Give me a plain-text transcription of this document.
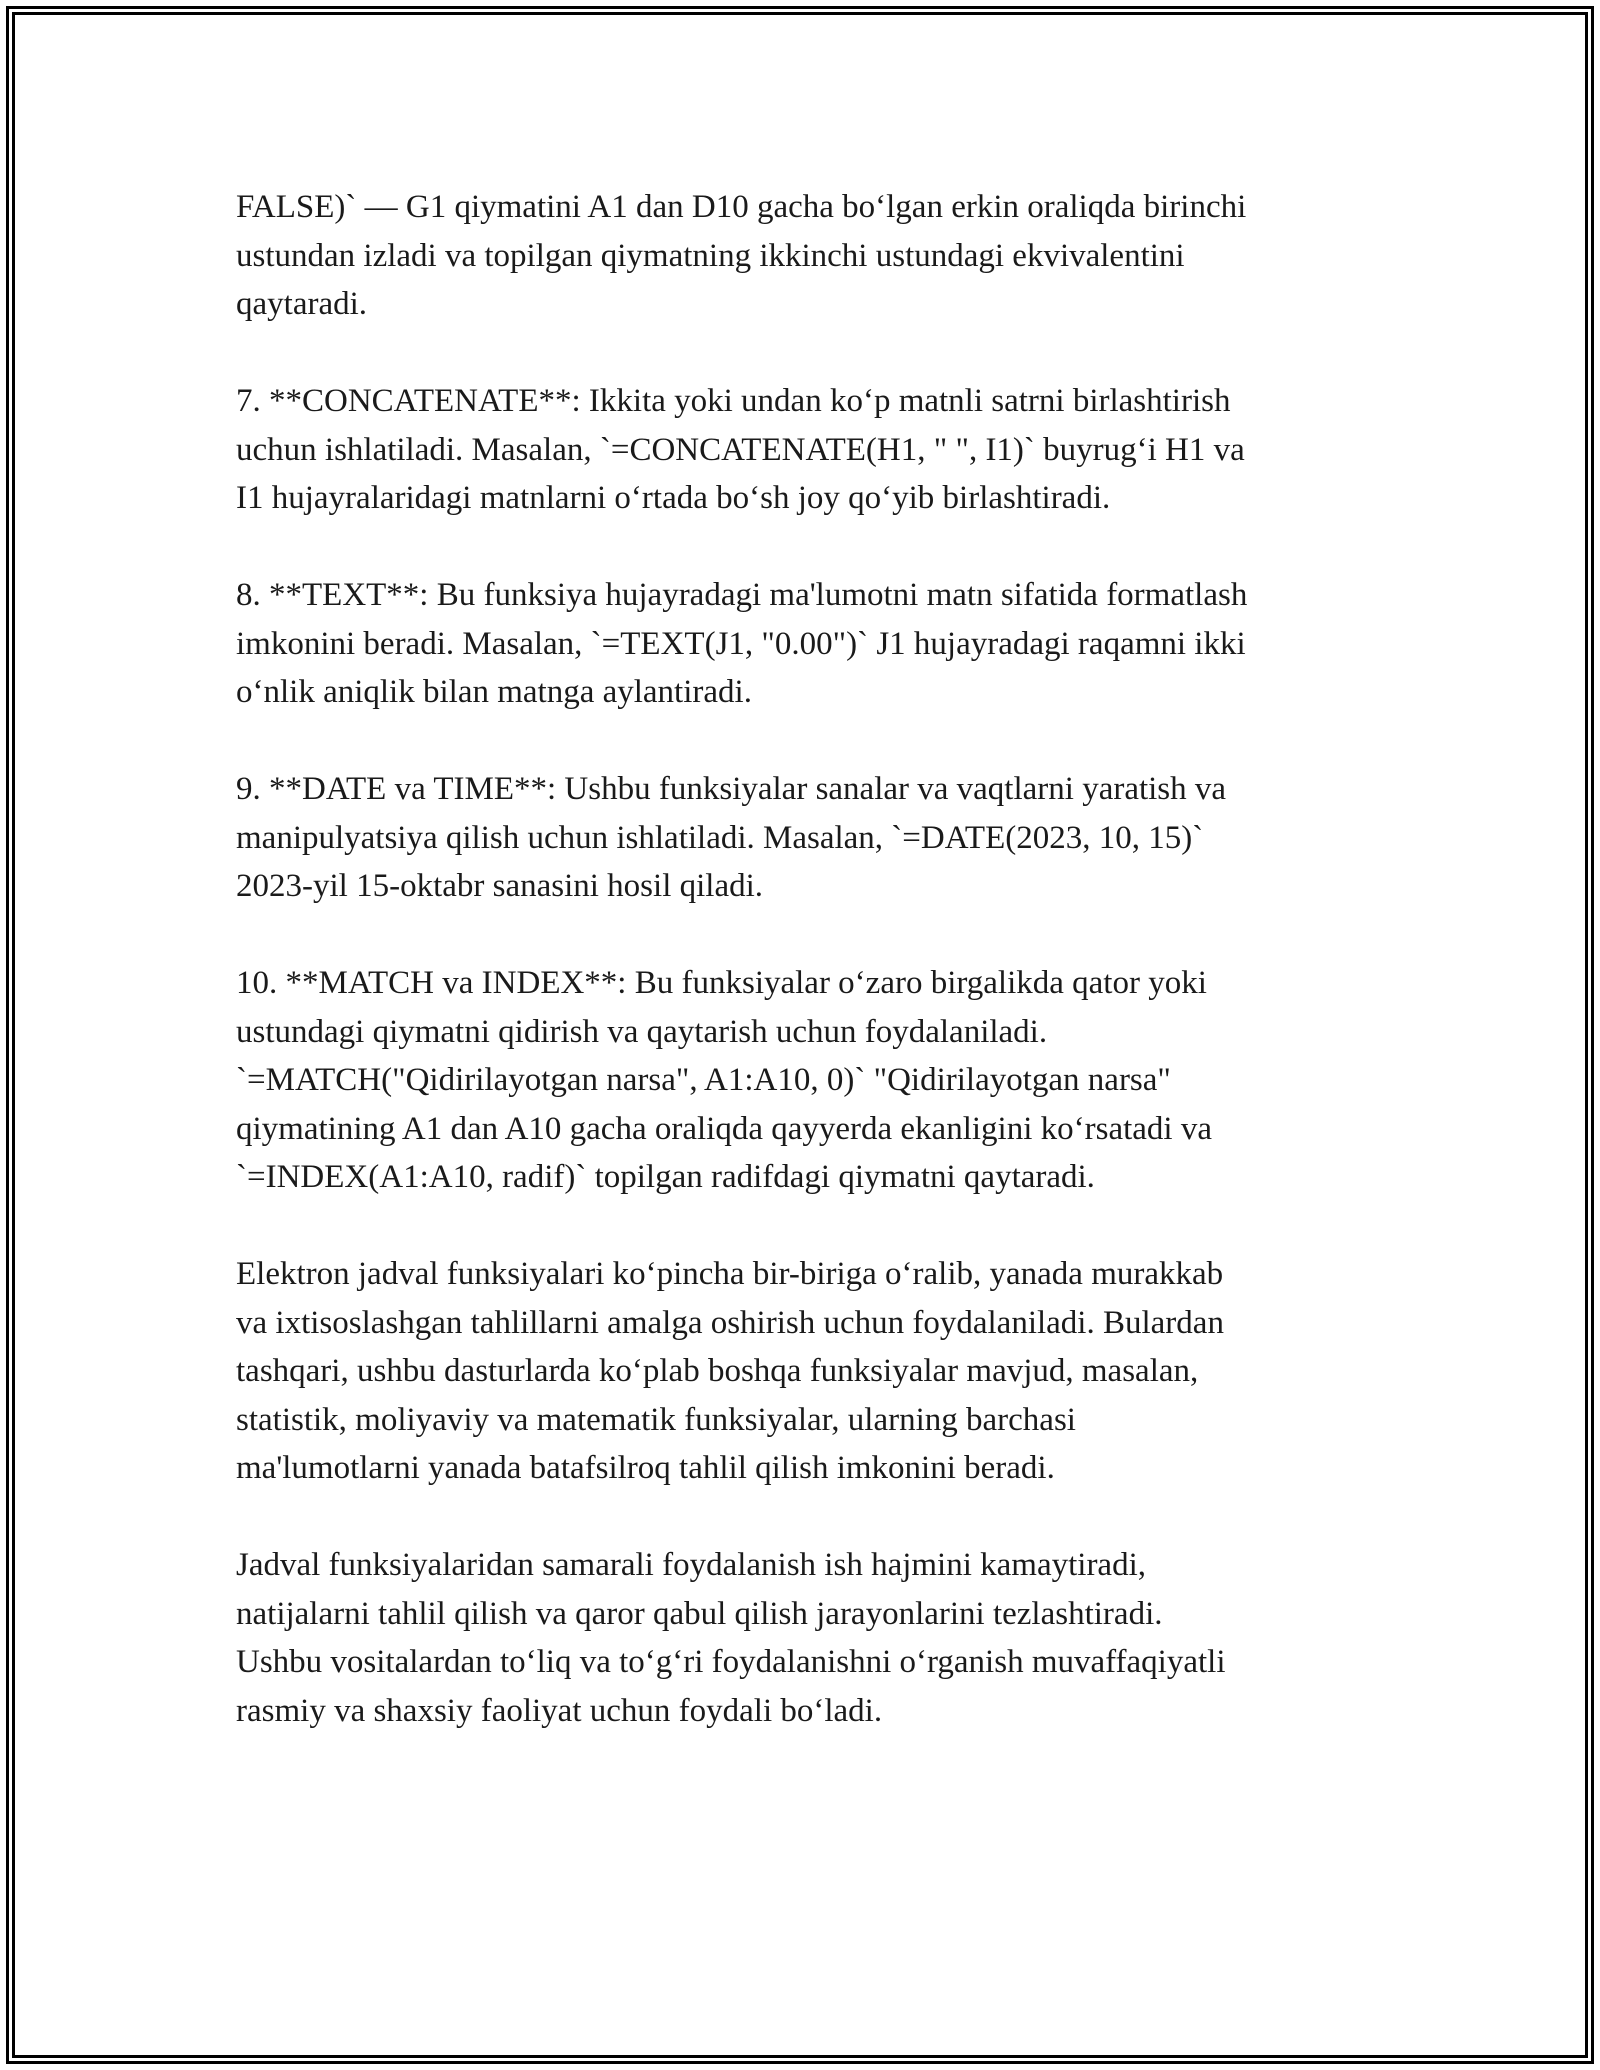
FALSE)` — G1 qiymatini A1 dan D10 gacha boʻlgan erkin oraliqda birinchi
ustundan izladi va topilgan qiymatning ikkinchi ustundagi ekvivalentini
qaytaradi.

7. **CONCATENATE**: Ikkita yoki undan koʻp matnli satrni birlashtirish
uchun ishlatiladi. Masalan, `=CONCATENATE(H1, " ", I1)` buyrugʻi H1 va
I1 hujayralaridagi matnlarni oʻrtada boʻsh joy qoʻyib birlashtiradi.

8. **TEXT**: Bu funksiya hujayradagi ma'lumotni matn sifatida formatlash
imkonini beradi. Masalan, `=TEXT(J1, "0.00")` J1 hujayradagi raqamni ikki
oʻnlik aniqlik bilan matnga aylantiradi.

9. **DATE va TIME**: Ushbu funksiyalar sanalar va vaqtlarni yaratish va
manipulyatsiya qilish uchun ishlatiladi. Masalan, `=DATE(2023, 10, 15)`
2023-yil 15-oktabr sanasini hosil qiladi.

10. **MATCH va INDEX**: Bu funksiyalar oʻzaro birgalikda qator yoki
ustundagi qiymatni qidirish va qaytarish uchun foydalaniladi.
`=MATCH("Qidirilayotgan narsa", A1:A10, 0)` "Qidirilayotgan narsa"
qiymatining A1 dan A10 gacha oraliqda qayyerda ekanligini koʻrsatadi va
`=INDEX(A1:A10, radif)` topilgan radifdagi qiymatni qaytaradi.

Elektron jadval funksiyalari koʻpincha bir-biriga oʻralib, yanada murakkab
va ixtisoslashgan tahlillarni amalga oshirish uchun foydalaniladi. Bulardan
tashqari, ushbu dasturlarda koʻplab boshqa funksiyalar mavjud, masalan,
statistik, moliyaviy va matematik funksiyalar, ularning barchasi
ma'lumotlarni yanada batafsilroq tahlil qilish imkonini beradi.

Jadval funksiyalaridan samarali foydalanish ish hajmini kamaytiradi,
natijalarni tahlil qilish va qaror qabul qilish jarayonlarini tezlashtiradi.
Ushbu vositalardan toʻliq va toʻgʻri foydalanishni oʻrganish muvaffaqiyatli
rasmiy va shaxsiy faoliyat uchun foydali boʻladi.
